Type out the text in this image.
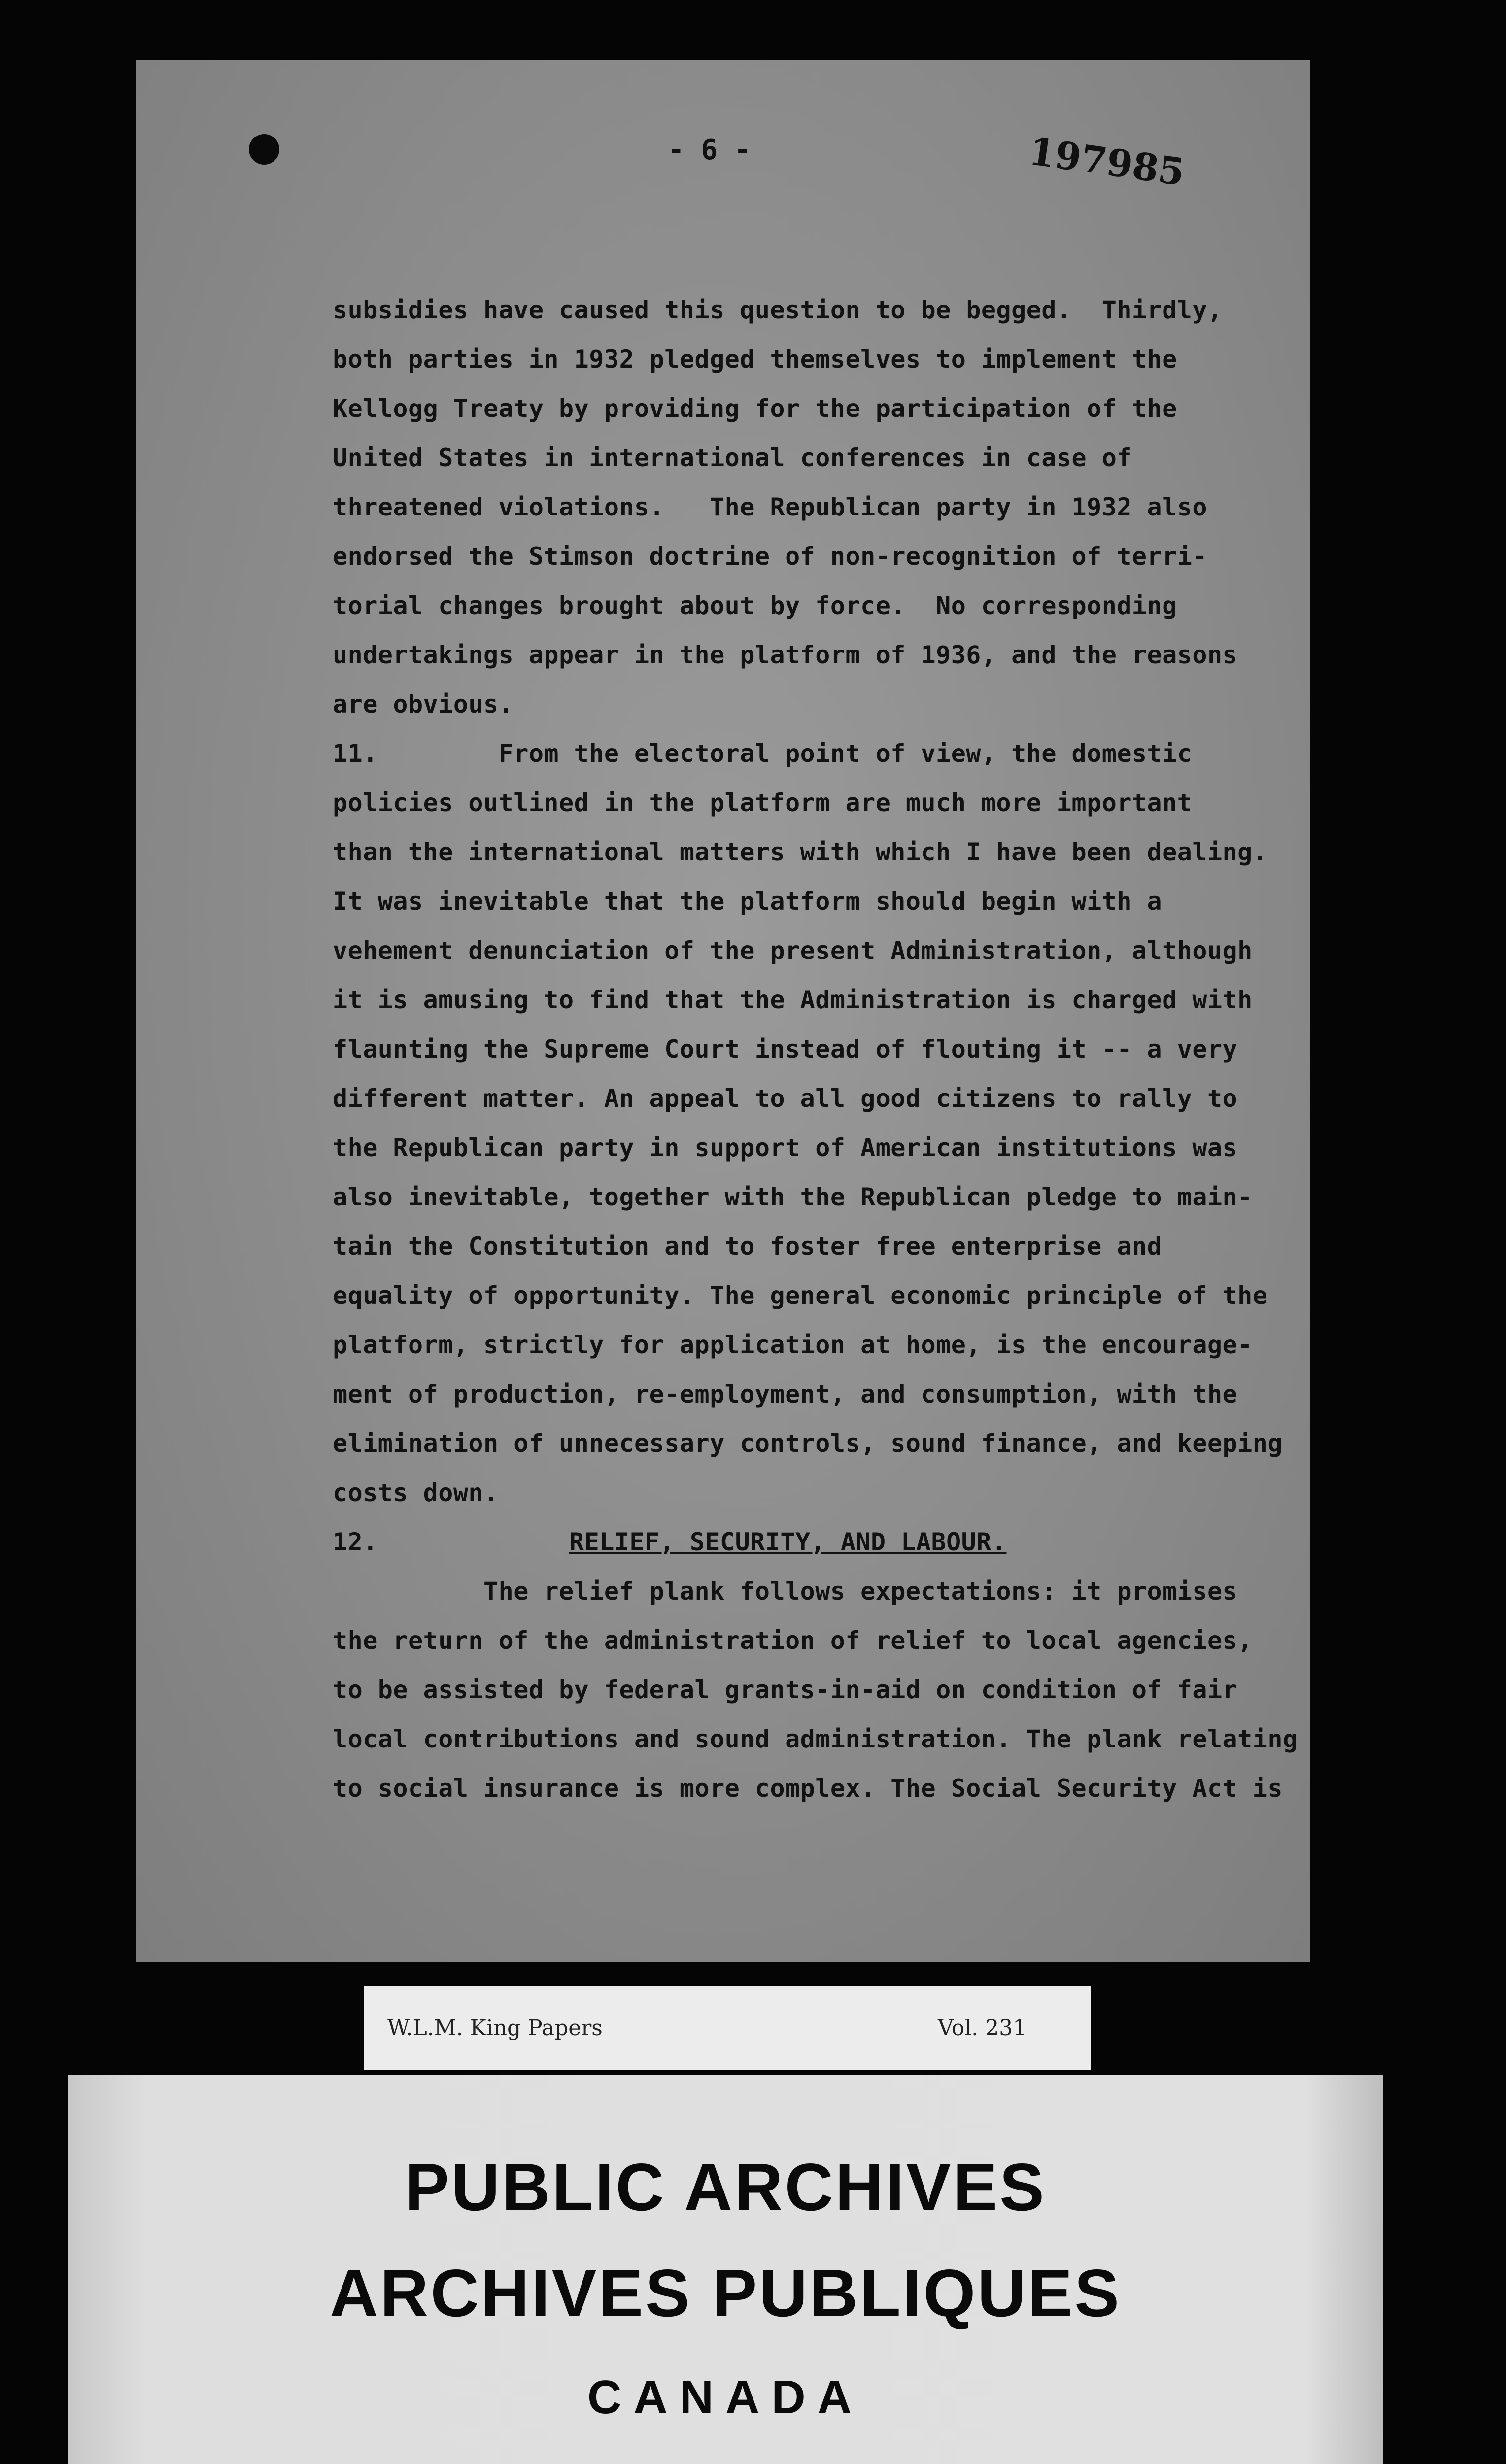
- 6 -	197985
subsidies have caused this question to be begged.  Thirdly,
both parties in 1932 pledged themselves to implement the
Kellogg Treaty by providing for the participation of the
United States in international conferences in case of
threatened violations.   The Republican party in 1932 also
endorsed the Stimson doctrine of non-recognition of terri-
torial changes brought about by force.  No corresponding
undertakings appear in the platform of 1936, and the reasons
are obvious.
11.        From the electoral point of view, the domestic
policies outlined in the platform are much more important
than the international matters with which I have been dealing.
It was inevitable that the platform should begin with a
vehement denunciation of the present Administration, although
it is amusing to find that the Administration is charged with
flaunting the Supreme Court instead of flouting it -- a very
different matter. An appeal to all good citizens to rally to
the Republican party in support of American institutions was
also inevitable, together with the Republican pledge to main-
tain the Constitution and to foster free enterprise and
equality of opportunity. The general economic principle of the
platform, strictly for application at home, is the encourage-
ment of production, re-employment, and consumption, with the
elimination of unnecessary controls, sound finance, and keeping
costs down.
12.	RELIEF, SECURITY, AND LABOUR.
The relief plank follows expectations: it promises
the return of the administration of relief to local agencies,
to be assisted by federal grants-in-aid on condition of fair
local contributions and sound administration. The plank relating
to social insurance is more complex. The Social Security Act is
W.L.M. King Papers	Vol. 231
PUBLIC ARCHIVES
ARCHIVES PUBLIQUES
CANADA
